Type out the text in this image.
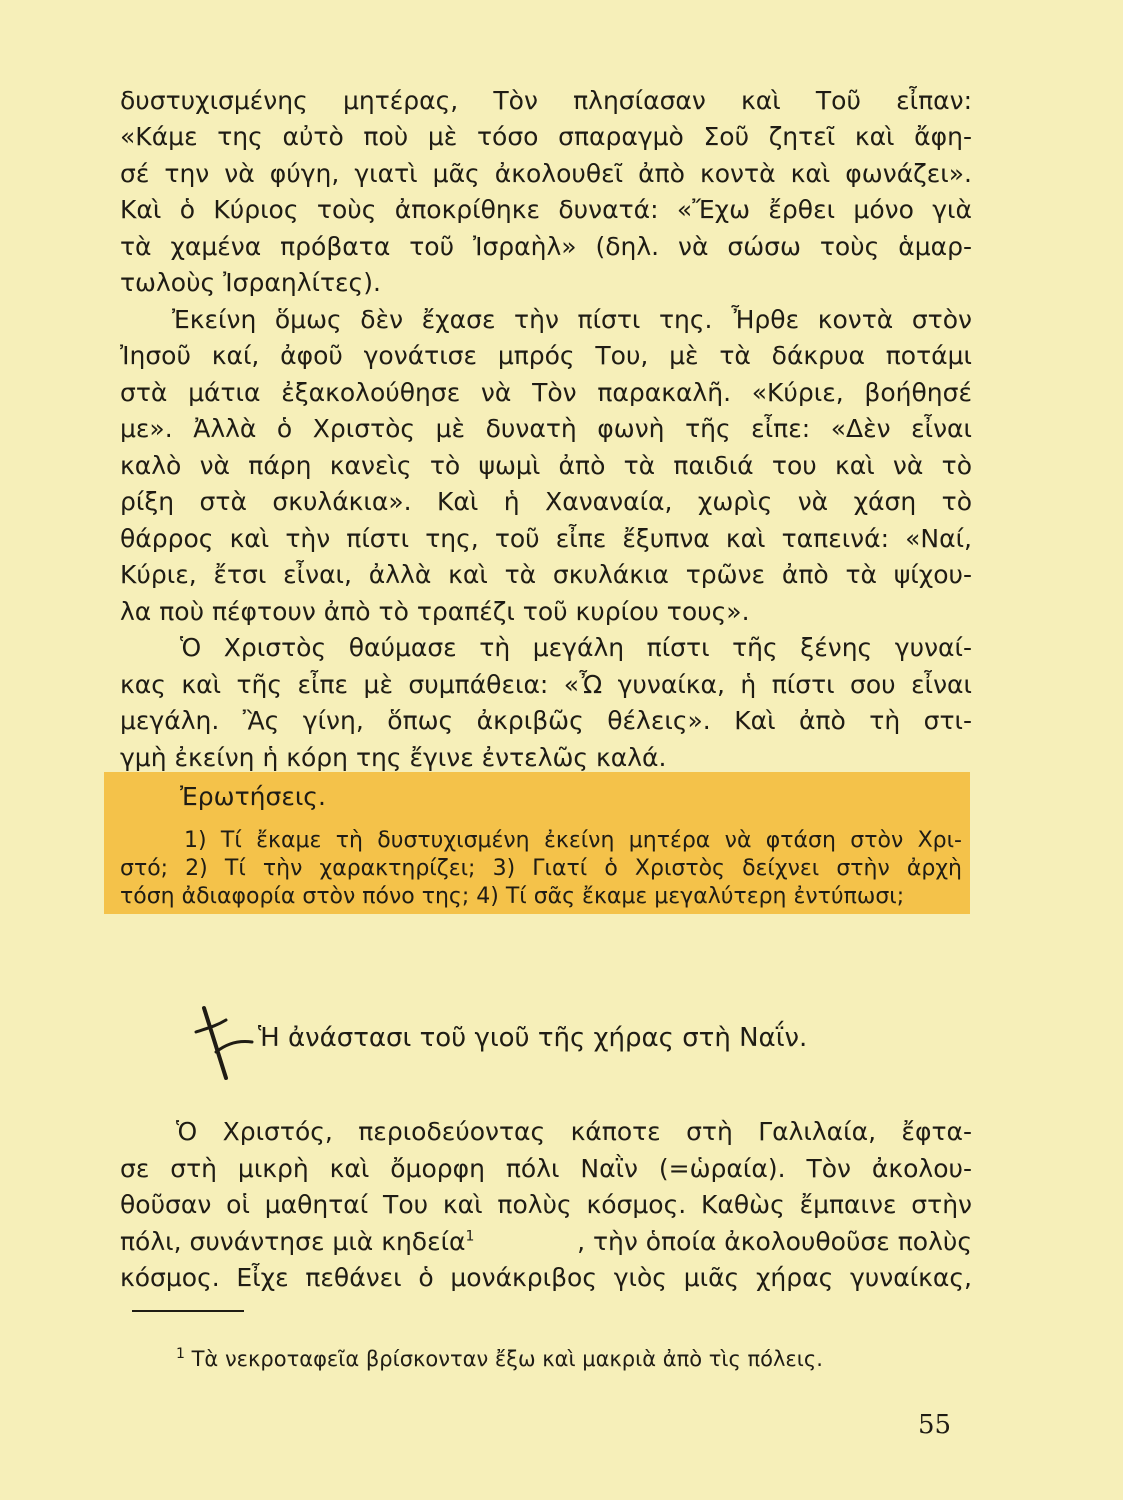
δυστυχισμένης μητέρας, Τὸν πλησίασαν καὶ Τοῦ εἶπαν:
«Κάμε της αὐτὸ ποὺ μὲ τόσο σπαραγμὸ Σοῦ ζητεῖ καὶ ἄφη-
σέ την νὰ φύγη, γιατὶ μᾶς ἀκολουθεῖ ἀπὸ κοντὰ καὶ φωνάζει».
Καὶ ὁ Κύριος τοὺς ἀποκρίθηκε δυνατά: «Ἔχω ἔρθει μόνο γιὰ
τὰ χαμένα πρόβατα τοῦ Ἰσραὴλ» (δηλ. νὰ σώσω τοὺς ἁμαρ-
τωλοὺς Ἰσραηλίτες).
Ἐκείνη ὅμως δὲν ἔχασε τὴν πίστι της. Ἦρθε κοντὰ στὸν
Ἰησοῦ καί, ἀφοῦ γονάτισε μπρός Του, μὲ τὰ δάκρυα ποτάμι
στὰ μάτια ἐξακολούθησε νὰ Τὸν παρακαλῆ. «Κύριε, βοήθησέ
με». Ἀλλὰ ὁ Χριστὸς μὲ δυνατὴ φωνὴ τῆς εἶπε: «Δὲν εἶναι
καλὸ νὰ πάρη κανεὶς τὸ ψωμὶ ἀπὸ τὰ παιδιά του καὶ νὰ τὸ
ρίξη στὰ σκυλάκια». Καὶ ἡ Χαναναία, χωρὶς νὰ χάση τὸ
θάρρος καὶ τὴν πίστι της, τοῦ εἶπε ἔξυπνα καὶ ταπεινά: «Ναί,
Κύριε, ἔτσι εἶναι, ἀλλὰ καὶ τὰ σκυλάκια τρῶνε ἀπὸ τὰ ψίχου-
λα ποὺ πέφτουν ἀπὸ τὸ τραπέζι τοῦ κυρίου τους».
Ὁ Χριστὸς θαύμασε τὴ μεγάλη πίστι τῆς ξένης γυναί-
κας καὶ τῆς εἶπε μὲ συμπάθεια: «Ὦ γυναίκα, ἡ πίστι σου εἶναι
μεγάλη. Ἂς γίνη, ὅπως ἀκριβῶς θέλεις». Καὶ ἀπὸ τὴ στι-
γμὴ ἐκείνη ἡ κόρη της ἔγινε ἐντελῶς καλά.
Ἐρωτήσεις.
1) Τί ἔκαμε τὴ δυστυχισμένη ἐκείνη μητέρα νὰ φτάση στὸν Χρι-
στό; 2) Τί τὴν χαρακτηρίζει; 3) Γιατί ὁ Χριστὸς δείχνει στὴν ἀρχὴ
τόση ἀδιαφορία στὸν πόνο της; 4) Τί σᾶς ἔκαμε μεγαλύτερη ἐντύπωσι;
Ἡ ἀνάστασι τοῦ γιοῦ τῆς χήρας στὴ Ναΐν.
Ὁ Χριστός, περιοδεύοντας κάποτε στὴ Γαλιλαία, ἔφτα-
σε στὴ μικρὴ καὶ ὄμορφη πόλι Ναῒν (=ὡραία). Τὸν ἀκολου-
θοῦσαν οἱ μαθηταί Του καὶ πολὺς κόσμος. Καθὼς ἔμπαινε στὴν
πόλι, συνάντησε μιὰ κηδεία$^1$	, τὴν ὁποία ἀκολουθοῦσε πολὺς
κόσμος. Εἶχε πεθάνει ὁ μονάκριβος γιὸς μιᾶς χήρας γυναίκας,
$^1$ Τὰ νεκροταφεῖα βρίσκονταν ἔξω καὶ μακριὰ ἀπὸ τὶς πόλεις.
55
